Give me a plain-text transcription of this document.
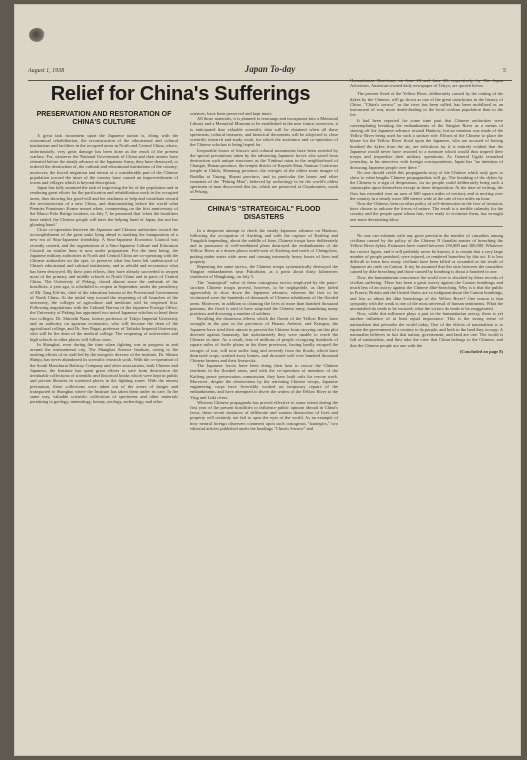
August 1, 1938	Japan To-day	5
Relief for China's Sufferings
PRESERVATION AND RESTORATION OF CHINA'S CULTURE

A great task incumbent upon the Japanese nation is, along with the economical rehabilitation, the reconstruction of the educational and cultural institutions and facilities in the occupied areas in North and Central China, where, unfortunately, very great damage has been done as the result of the present warfare. For, whatever the National Government of China and their armies have retreated before the steady advance of the Japanese Army, they have destroyed, or ordered the destruction of, the cultural and educational institutions of the country; moreover, the forced migration and retreat of a considerable part of the Chinese population toward the inner of the country have caused an impoverishment of towns and villages which is beyond description.

Japan has fully assumed the task of improving the lot of the population and in rendering great efforts for the pacification and rehabilitation work in the occupied areas, thus showing her good-will and her readiness to help and contribute toward the reconstruction of a new China, and demonstrating before the world what Premier Fumimaro Konoe meant when, commenting on the first anniversary of the Marco Polo Bridge incident, on July 7, he promised that 'when the hostilities have ended, the Chinese people will have the helping hand of Japan, but not her gloating hand.'

Close co-operation between the Japanese and Chinese authorities toward the accomplishment of the great tasks lying ahead is marking the inauguration of a new era of Sino-Japanese friendship. A Sino-Japanese Economic Council was recently created, and the organization of a Sino-Japanese Culture and Education Council on similar lines is now under preparation. For the time being, the Japanese military authorities in North and Central China are co-operating with the Chinese authorities on the spot, to preserve what has been left undestroyed of China's educational and cultural institutions, and to rebuild and reconstruct what has been destroyed. By their joint efforts, they have already succeeded to reopen most of the primary and middle schools in North China and in parts of Central China. The University of Peking, closed almost since the outbreak of the hostilities, a year ago, is scheduled to reopen in September, under the presidency of Mr. Tang Erh-ho, chief of the education bureau of the Provisional Government of North China. At the initial step toward the reopening of all branches of the university, the colleges of agriculture and medicine will be reopened first. Following negotiations with the Cultural Bureau of the Japanese Foreign Office, the University of Peking has appointed two noted Japanese scholars to head these two colleges: Dr. Shiroshi Naza, former professor of Tokyo Imperial University and an authority on agrarian economics, who will become the dean of the agricultural college, and Dr. Sen Nagai, professor of Taihoku Imperial University, who will be the dean of the medical college. The reopening of universities and high schools in other places will follow soon.

In Shanghai, even during the time when fighting was in progress in and around the international city, The Shanghai Science Institute, owing to the untiring efforts of its staff led by the energetic director of the institute, Dr. Shinzo Shinjo, has never abandoned its scientific research work. With the co-operation of the South Manchuria Railway Company and other associations, both Chinese and Japanese, the Institute has spent great efforts to save from destruction the invaluable collections of scientific and historical books which were kept in public and private libraries in scattered places in the fighting zones. With the utmost precaution, these collections were taken out of the zones of danger and transported to Shanghai where the Institute has taken them under its care. In the same way, valuable scientific collections of specimens and other materials pertaining to geology, mineralogy, botany, zoology, archeology, and other

sciences, have been preserved and kept intact.

All those materials, it is planned to rearrange and incorporate into a Memorial Library and a Memorial Museum to be established in the near future; moreover, it is anticipated that valuable scientific data will be obtained when all these specimens, cultural treasures, and historical documents will be subjected to close scientific research and study work, for which the assistance and co-operation of the Chinese scholars is being hoped for.

Irreparable losses of historic and cultural monuments have been avoided by the special precautions taken by the advancing Japanese forces who saved from destruction such unique structures as the Yünhsui ruins in the neighborhood of Changte, Honan province; the temple district of Kuyüeh Shan, Santsao Confucius temple at Chüfu, Shantung province; the vestiges of the oldest stone images of Buddha at Tatung, Shansi province, and in particular the bones and other remnants of the "Peking Man"; believed by archeology to be the world's oldest specimen of man discovered this far, which are preserved at Choukoutien, south of Peking.

CHINA'S "STRATEGICAL" FLOOD DISASTERS

In a desperate attempt to check the steady Japanese advance on Hankow, following the occupation of Anching and with the capture of Kaifeng and Tungshih impending, about the middle of June, Chinese troops have deliberately and in pursuance of well-meditated plans destroyed the embankments of the Yellow River at a dozen places north-west of Kaifeng and north of Chengchow, putting under water wide areas and causing extremely heavy losses of lives and property.

Repeating the same tactics, the Chinese troops systematically destroyed the Yangtze embankments near Fukuhsien, at a point about thirty kilometres southwest of Wangkiang, on July 5.

The "strategical" value of these outrageous tactics employed by the panic-stricken Chinese troops proved, however, to be negligeable, as they failed appreciably to slow down the Japanese advance, whereas the first to be victimized were the hundreds of thousands of Chinese inhabitants of the flooded areas. Moreover, in addition to claiming the lives of more than hundred thousand peasants, the flood is said to have surprised the Chinese army, inundating many positions and drowning a number of soldiers.

Recalling the disastrous effects which the floods of the Yellow River have wrought in the past in the provinces of Honan, Anhwei, and Kiangsu, the Japanese have tried their utmost to prevent the Chinese from carrying out this plot directed against humanity, but unfortunately they were unable to reach the Chinese in time. As a result, tens of millions of people occupying hundreds of square miles of fertile plains in the three provinces, having hardly escaped the ravages of war, will now suffer long and severely from the floods, which have destroyed crops, washed away homes, and drowned well over hundred thousand Chinese farmers and their livestocks.

The Japanese forces have been doing their best to rescue the Chinese residents in the flooded areas, and with the co-operation of members of the Kaifeng peace preservation commission, they have built rafts for rescue work. Moreover, despite the obstructions by the retreating Chinese troops, Japanese engineering corps have feverishly worked on temporary repairs of the embankments, and have attempted to divert the waters of the Yellow River to the Ying and Luki rivers.

Whereas Chinese propaganda has proved effective to some extent during the first year of the present hostilities to influence public opinion abroad in China's favor, these recent instances of deliberate and wanton destruction of lives and property will certainly not fail to open the eyes of the world. As an example of how neutral foreign observers comment upon such outrageous "strategics," two editorial articles published under the headings "China's Sorrow" and

Humanitarian Reactions, on June 18 and June 28, respectively, by The Japan Advertiser, American-owned daily newspaper of Tokyo, are quoted below.

The present flood of the Yellow River, deliberately caused by the cutting of the dykes by the Chinese, will go down as one of the great cataclysms in the history of China. "China's sorrow" as the river has been called, has been mobilized as an instrument of war, more death-dealing to the local civilian population than to the foe.

It had been reported for some time past that Chinese authorities were contemplating breaking the embankments of the Yangtze River as a means of staving off the Japanese advance toward Hankow, but no mention was made of the Yellow River being used for such a sinister role. Efforts of the Chinese to place the blame for the Yellow River flood upon the Japanese, who are accused of having bombed the dykes from the air, are ridiculous for it is entirely evident that the Japanese would never have resorted to a measure which would thus imperil their troops and jeopardize their military operations. As General Ugaki remarked yesterday, in his interview with foreign correspondents, Japan has "no intention of drowning Japanese people over there."

No one should credit this propaganda story of the Chinese which only goes to show to what lengths Chinese propagandists will go. The breaking of the dykes by the Chinese is a sign of desperation, for no people could deliberately bring such a catastrophe upon themselves except in sheer desperation. At the time of writing, the flow has extended over an area of 600 square miles of territory and is moving over the country in a steady wave 400 meters wide at the rate of two miles an hour.

Now the Chinese, bent on other policy of self-destruction in the face of invasion, have chosen to unloose the forces of nature. The result is a terrible calamity for the country and the people upon whom fate, ever ready to victimize them, has wrought one more devastating blow.

No one can estimate with any great precision the number of casualties among civilians caused by the policy of the Chinese N ilonalist armies of breaching the Yellow River dykes. Estimates have varied between 150,000 and 300,000. Whatever the correct figure, and it will probably never be known, it is certain that a very large number of people perished, were injured, or rendered homeless by this act. It is less difficult to learn how many civilians have been killed or wounded as the result of Japanese air raids on Canton. It my be assumed that the ratio between the casualties caused by dike breaching and those caused by bombing is about a hundred to one.

Now, the humanitarian conscience the world over is shocked by these records of civilian suffering. There has been a great outcry against the Canton bombings and much less of an outcry against the Chinese dike-breaching. Why is it that the public in France, Britain and the United States are so indignant about the Canton bombings, and less so about the dike breachings of the Yellow River? One reason is that sympathy with the weak is one of the most universal of human sentiments. What the unvanished do tends to be excused; what the victors do tends to be exaggerated.

Now, while this influence plays a part in the humanitarian outcry, there is yet another influence of at least equal importance. This is the strong sense of nationalism that pervades the world today. One of the effects of nationalism is to equate the government of a country to its people, and both to the land they occupy. A nationalist believes in fact that nation, government, and land are one. The world is full of nationalists, and they take the view that China belongs to the Chinese, and that the Chinese people are one with the

(Concluded on page 8)
